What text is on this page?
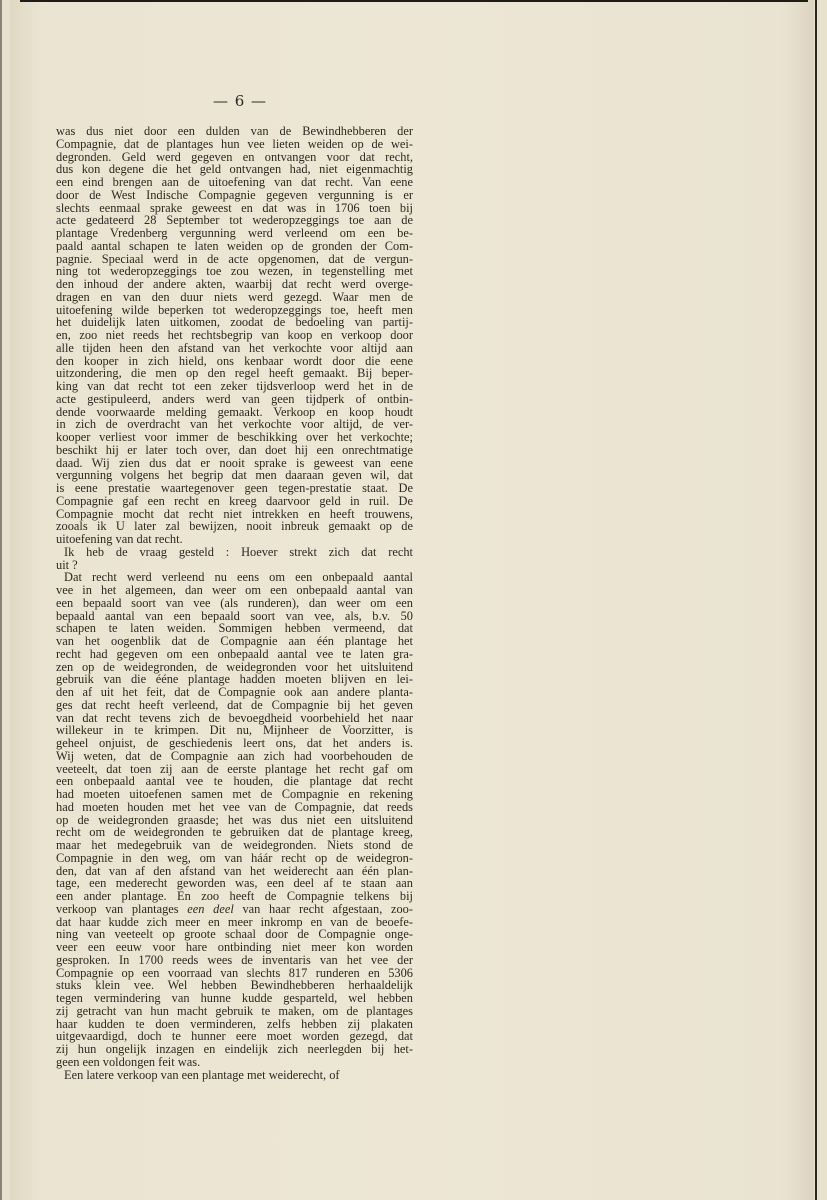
— 6 —
was dus niet door een dulden van de Bewindhebberen der
Compagnie, dat de plantages hun vee lieten weiden op de wei-
degronden. Geld werd gegeven en ontvangen voor dat recht,
dus kon degene die het geld ontvangen had, niet eigenmachtig
een eind brengen aan de uitoefening van dat recht. Van eene
door de West Indische Compagnie gegeven vergunning is er
slechts eenmaal sprake geweest en dat was in 1706 toen bij
acte gedateerd 28 September tot wederopzeggings toe aan de
plantage Vredenberg vergunning werd verleend om een be-
paald aantal schapen te laten weiden op de gronden der Com-
pagnie. Speciaal werd in de acte opgenomen, dat de vergun-
ning tot wederopzeggings toe zou wezen, in tegenstelling met
den inhoud der andere akten, waarbij dat recht werd overge-
dragen en van den duur niets werd gezegd. Waar men de
uitoefening wilde beperken tot wederopzeggings toe, heeft men
het duidelijk laten uitkomen, zoodat de bedoeling van partij-
en, zoo niet reeds het rechtsbegrip van koop en verkoop door
alle tijden heen den afstand van het verkochte voor altijd aan
den kooper in zich hield, ons kenbaar wordt door die eene
uitzondering, die men op den regel heeft gemaakt. Bij beper-
king van dat recht tot een zeker tijdsverloop werd het in de
acte gestipuleerd, anders werd van geen tijdperk of ontbin-
dende voorwaarde melding gemaakt. Verkoop en koop houdt
in zich de overdracht van het verkochte voor altijd, de ver-
kooper verliest voor immer de beschikking over het verkochte;
beschikt hij er later toch over, dan doet hij een onrechtmatige
daad. Wij zien dus dat er nooit sprake is geweest van eene
vergunning volgens het begrip dat men daaraan geven wil, dat
is eene prestatie waartegenover geen tegen-prestatie staat. De
Compagnie gaf een recht en kreeg daarvoor geld in ruil. De
Compagnie mocht dat recht niet intrekken en heeft trouwens,
zooals ik U later zal bewijzen, nooit inbreuk gemaakt op de
uitoefening van dat recht.
Ik heb de vraag gesteld : Hoever strekt zich dat recht
uit ?
Dat recht werd verleend nu eens om een onbepaald aantal
vee in het algemeen, dan weer om een onbepaald aantal van
een bepaald soort van vee (als runderen), dan weer om een
bepaald aantal van een bepaald soort van vee, als, b.v. 50
schapen te laten weiden. Sommigen hebben vermeend, dat
van het oogenblik dat de Compagnie aan één plantage het
recht had gegeven om een onbepaald aantal vee te laten gra-
zen op de weidegronden, de weidegronden voor het uitsluitend
gebruik van die ééne plantage hadden moeten blijven en lei-
den af uit het feit, dat de Compagnie ook aan andere planta-
ges dat recht heeft verleend, dat de Compagnie bij het geven
van dat recht tevens zich de bevoegdheid voorbehield het naar
willekeur in te krimpen. Dit nu, Mijnheer de Voorzitter, is
geheel onjuist, de geschiedenis leert ons, dat het anders is.
Wij weten, dat de Compagnie aan zich had voorbehouden de
veeteelt, dat toen zij aan de eerste plantage het recht gaf om
een onbepaald aantal vee te houden, die plantage dat recht
had moeten uitoefenen samen met de Compagnie en rekening
had moeten houden met het vee van de Compagnie, dat reeds
op de weidegronden graasde; het was dus niet een uitsluitend
recht om de weidegronden te gebruiken dat de plantage kreeg,
maar het medegebruik van de weidegronden. Niets stond de
Compagnie in den weg, om van háár recht op de weidegron-
den, dat van af den afstand van het weiderecht aan één plan-
tage, een mederecht geworden was, een deel af te staan aan
een ander plantage. En zoo heeft de Compagnie telkens bij
verkoop van plantages een deel van haar recht afgestaan, zoo-
dat haar kudde zich meer en meer inkromp en van de beoefe-
ning van veeteelt op groote schaal door de Compagnie onge-
veer een eeuw voor hare ontbinding niet meer kon worden
gesproken. In 1700 reeds wees de inventaris van het vee der
Compagnie op een voorraad van slechts 817 runderen en 5306
stuks klein vee. Wel hebben Bewindhebberen herhaaldelijk
tegen vermindering van hunne kudde gesparteld, wel hebben
zij getracht van hun macht gebruik te maken, om de plantages
haar kudden te doen verminderen, zelfs hebben zij plakaten
uitgevaardigd, doch te hunner eere moet worden gezegd, dat
zij hun ongelijk inzagen en eindelijk zich neerlegden bij het-
geen een voldongen feit was.
Een latere verkoop van een plantage met weiderecht, of
